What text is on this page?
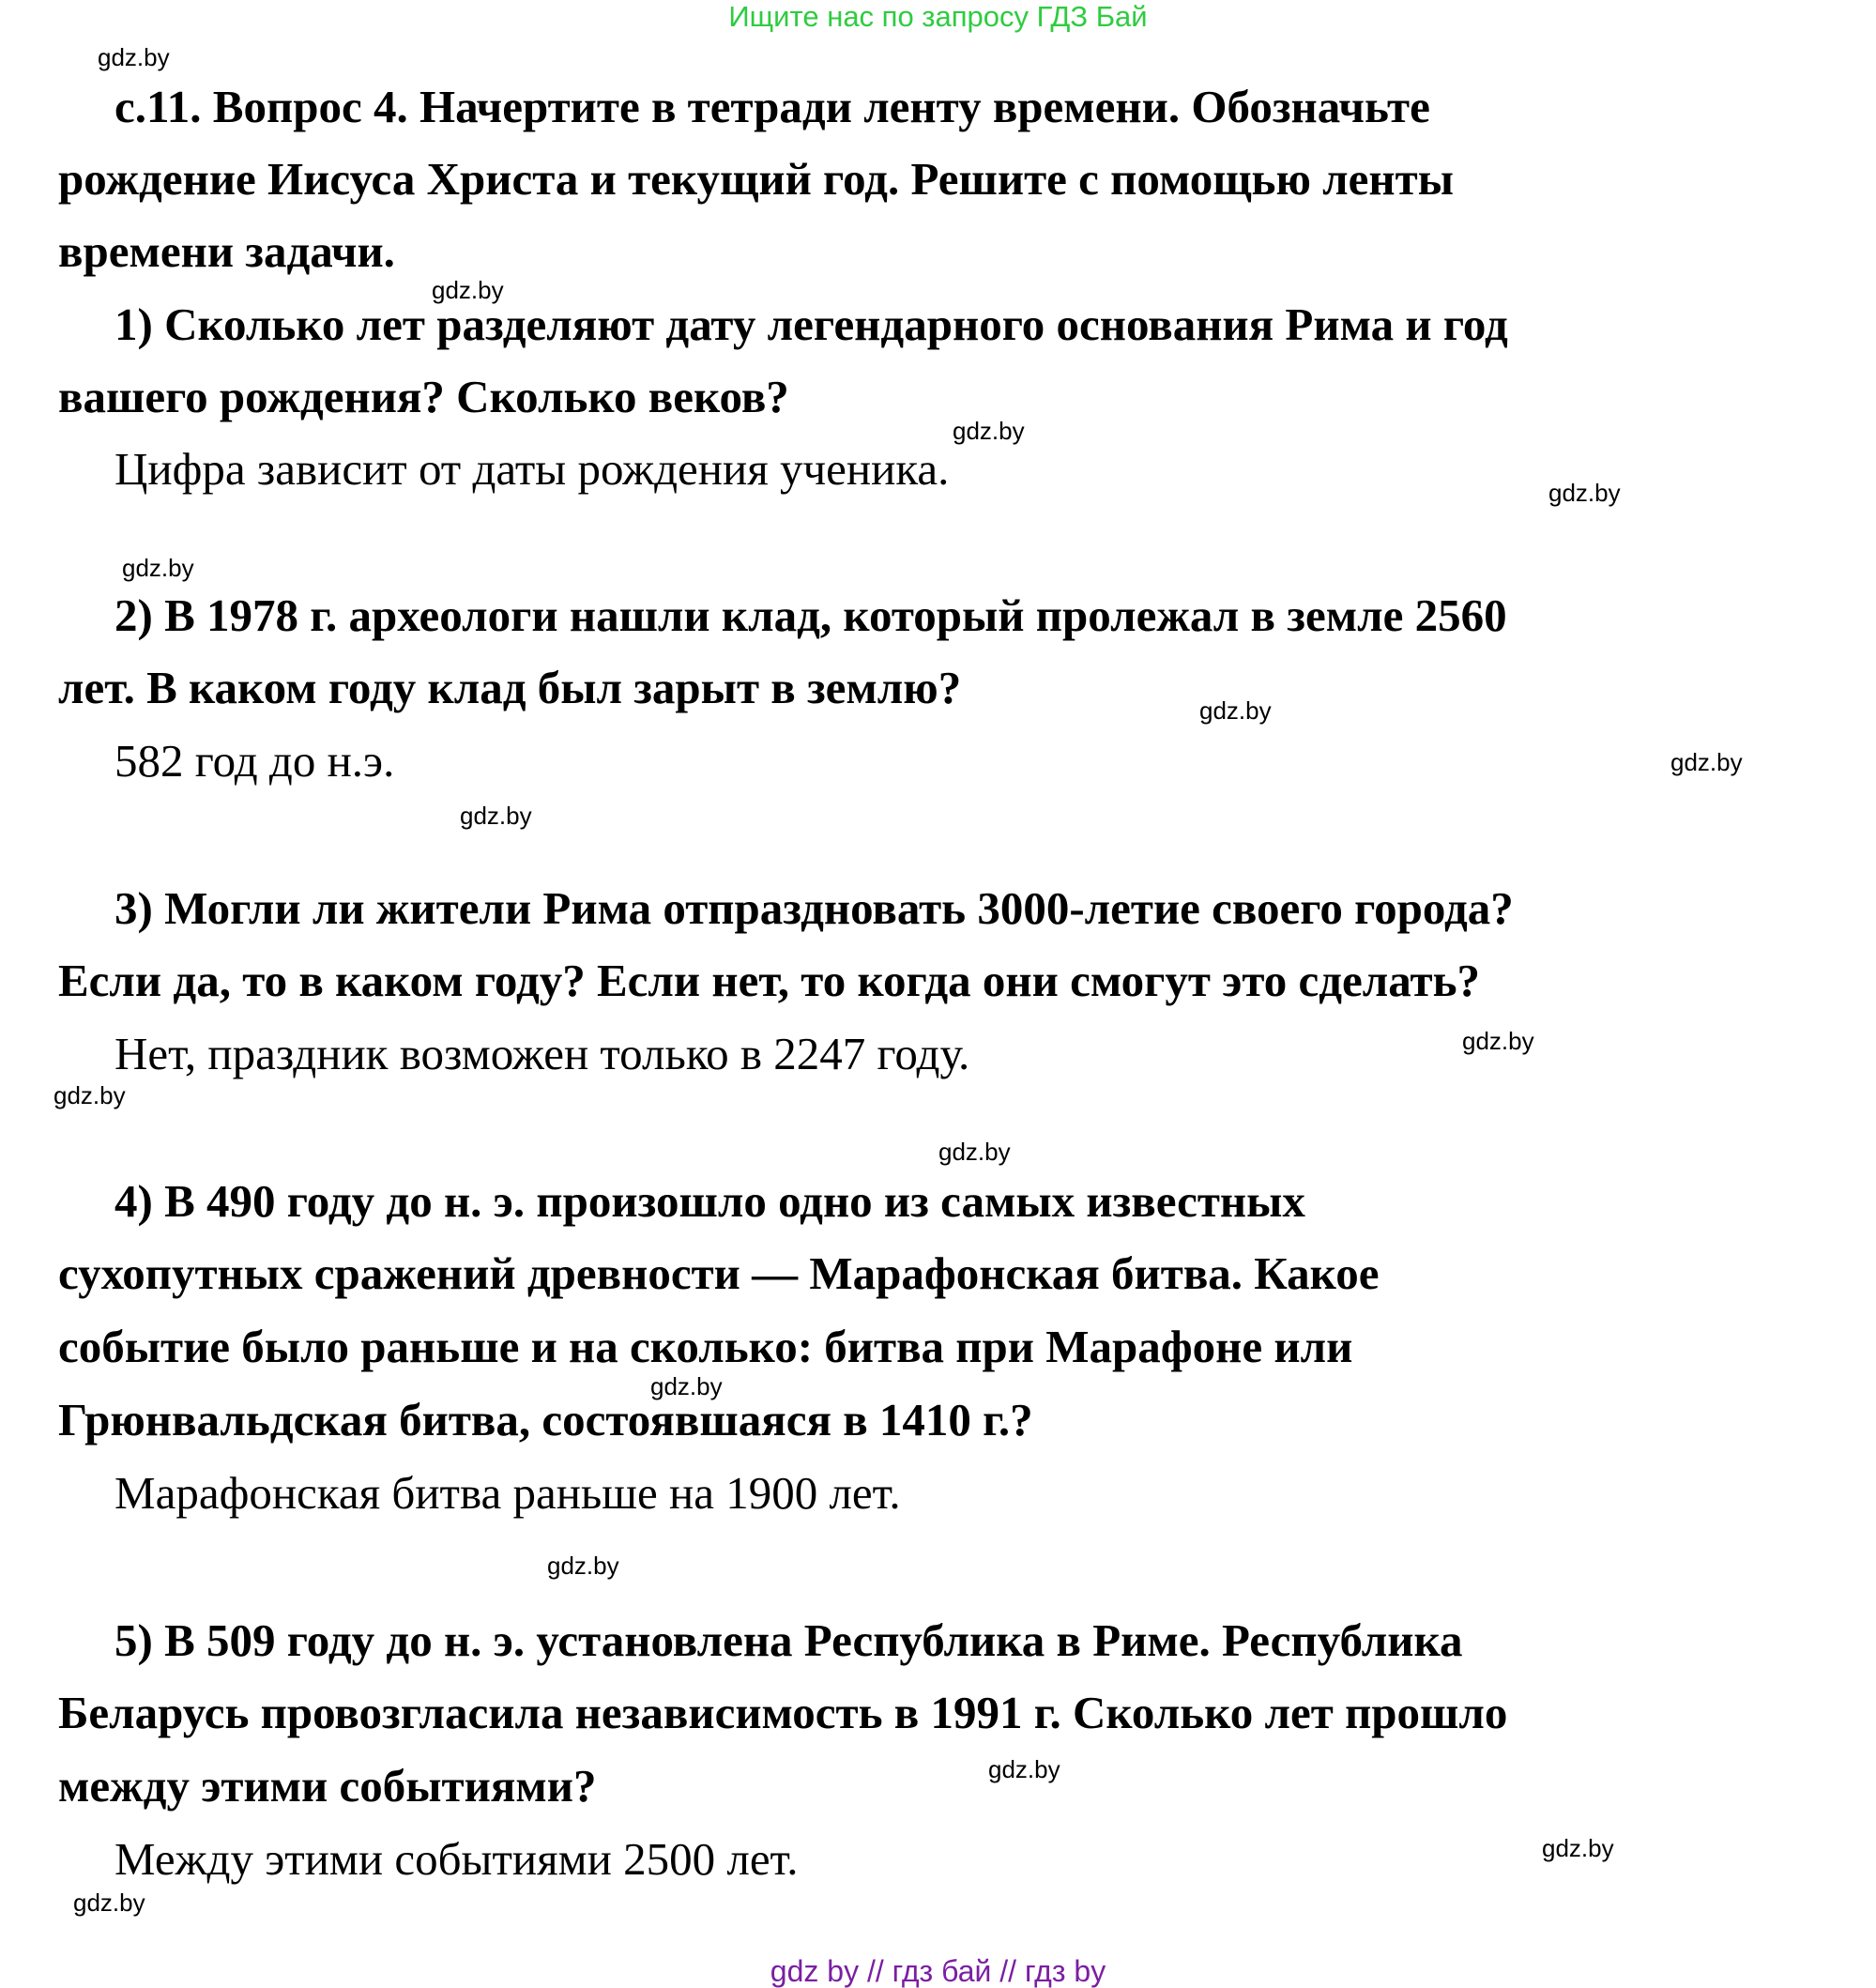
Ищите нас по запросу ГДЗ Бай
с.11. Вопрос 4. Начертите в тетради ленту времени. Обозначьте
рождение Иисуса Христа и текущий год. Решите с помощью ленты
времени задачи.
1) Сколько лет разделяют дату легендарного основания Рима и год
вашего рождения? Сколько веков?
Цифра зависит от даты рождения ученика.
2) В 1978 г. археологи нашли клад, который пролежал в земле 2560
лет. В каком году клад был зарыт в землю?
582 год до н.э.
3) Могли ли жители Рима отпраздновать 3000-летие своего города?
Если да, то в каком году? Если нет, то когда они смогут это сделать?
Нет, праздник возможен только в 2247 году.
4) В 490 году до н. э. произошло одно из самых известных
сухопутных сражений древности — Марафонская битва. Какое
событие было раньше и на сколько: битва при Марафоне или
Грюнвальдская битва, состоявшаяся в 1410 г.?
Марафонская битва раньше на 1900 лет.
5) В 509 году до н. э. установлена Республика в Риме. Республика
Беларусь провозгласила независимость в 1991 г. Сколько лет прошло
между этими событиями?
Между этими событиями 2500 лет.
gdz.by
gdz.by
gdz.by
gdz.by
gdz.by
gdz.by
gdz.by
gdz.by
gdz.by
gdz.by
gdz.by
gdz.by
gdz.by
gdz.by
gdz.by
gdz.by
gdz by // гдз бай // гдз by
